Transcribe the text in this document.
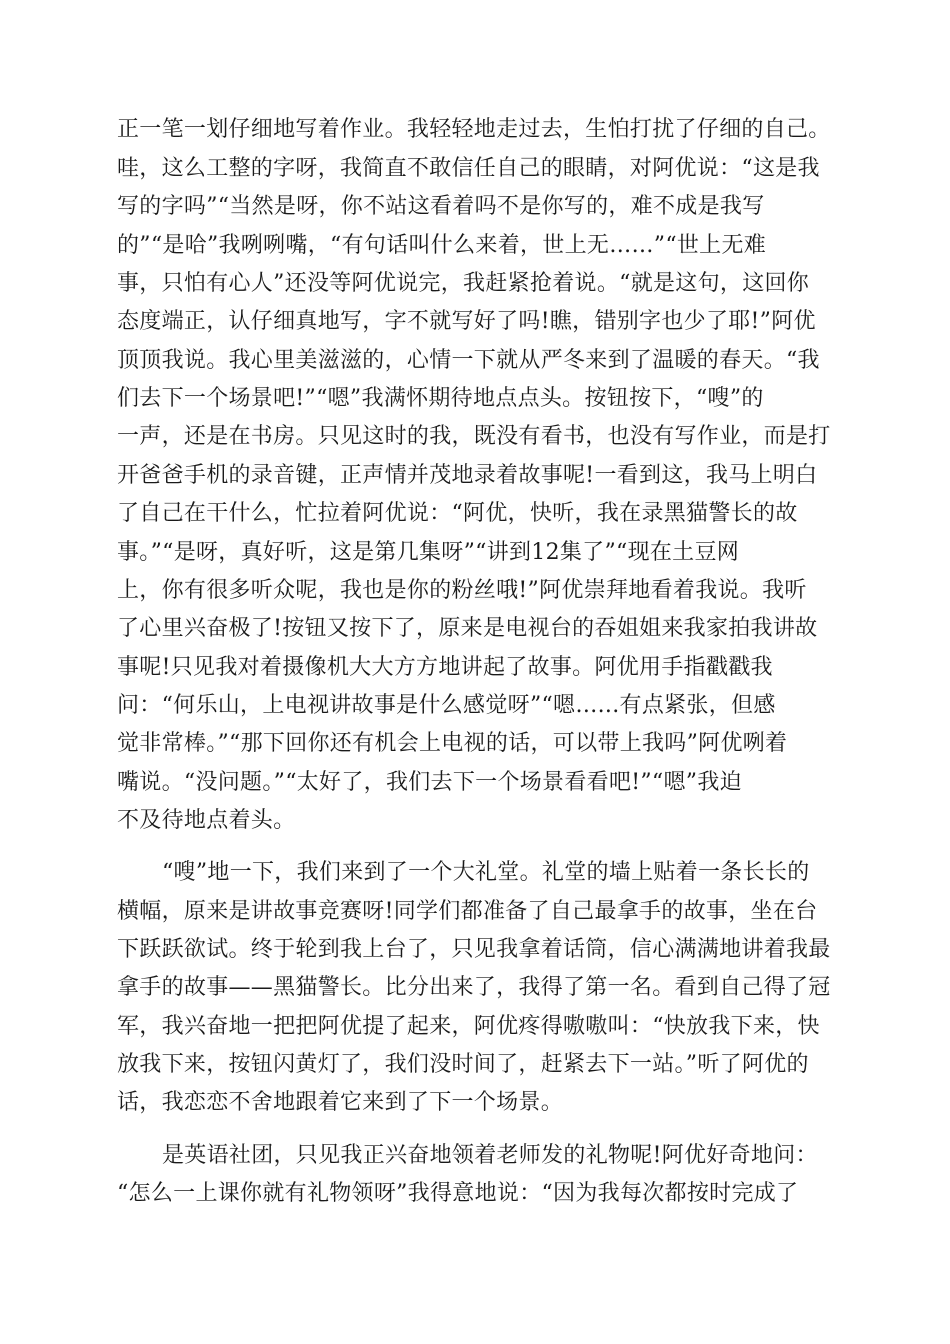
正一笔一划仔细地写着作业。我轻轻地走过去，生怕打扰了仔细的自己。
哇，这么工整的字呀，我简直不敢信任自己的眼睛，对阿优说：“这是我
写的字吗”“当然是呀，你不站这看着吗不是你写的，难不成是我写
的”“是哈”我咧咧嘴，“有句话叫什么来着，世上无……”“世上无难
事，只怕有心人”还没等阿优说完，我赶紧抢着说。“就是这句，这回你
态度端正，认仔细真地写，字不就写好了吗!瞧，错别字也少了耶!”阿优
顶顶我说。我心里美滋滋的，心情一下就从严冬来到了温暖的春天。“我
们去下一个场景吧!”“嗯”我满怀期待地点点头。按钮按下，“嗖”的
一声，还是在书房。只见这时的我，既没有看书，也没有写作业，而是打
开爸爸手机的录音键，正声情并茂地录着故事呢!一看到这，我马上明白
了自己在干什么，忙拉着阿优说：“阿优，快听，我在录黑猫警长的故
事。”“是呀，真好听，这是第几集呀”“讲到12集了”“现在土豆网
上，你有很多听众呢，我也是你的粉丝哦!”阿优崇拜地看着我说。我听
了心里兴奋极了!按钮又按下了，原来是电视台的吞姐姐来我家拍我讲故
事呢!只见我对着摄像机大大方方地讲起了故事。阿优用手指戳戳我
问：“何乐山，上电视讲故事是什么感觉呀”“嗯…...有点紧张，但感
觉非常棒。”“那下回你还有机会上电视的话，可以带上我吗”阿优咧着
嘴说。“没问题。”“太好了，我们去下一个场景看看吧!”“嗯”我迫
不及待地点着头。
“嗖”地一下，我们来到了一个大礼堂。礼堂的墙上贴着一条长长的
横幅，原来是讲故事竞赛呀!同学们都准备了自己最拿手的故事，坐在台
下跃跃欲试。终于轮到我上台了，只见我拿着话筒，信心满满地讲着我最
拿手的故事——黑猫警长。比分出来了，我得了第一名。看到自己得了冠
军，我兴奋地一把把阿优提了起来，阿优疼得嗷嗷叫：“快放我下来，快
放我下来，按钮闪黄灯了，我们没时间了，赶紧去下一站。”听了阿优的
话，我恋恋不舍地跟着它来到了下一个场景。
是英语社团，只见我正兴奋地领着老师发的礼物呢!阿优好奇地问：
“怎么一上课你就有礼物领呀”我得意地说：“因为我每次都按时完成了
